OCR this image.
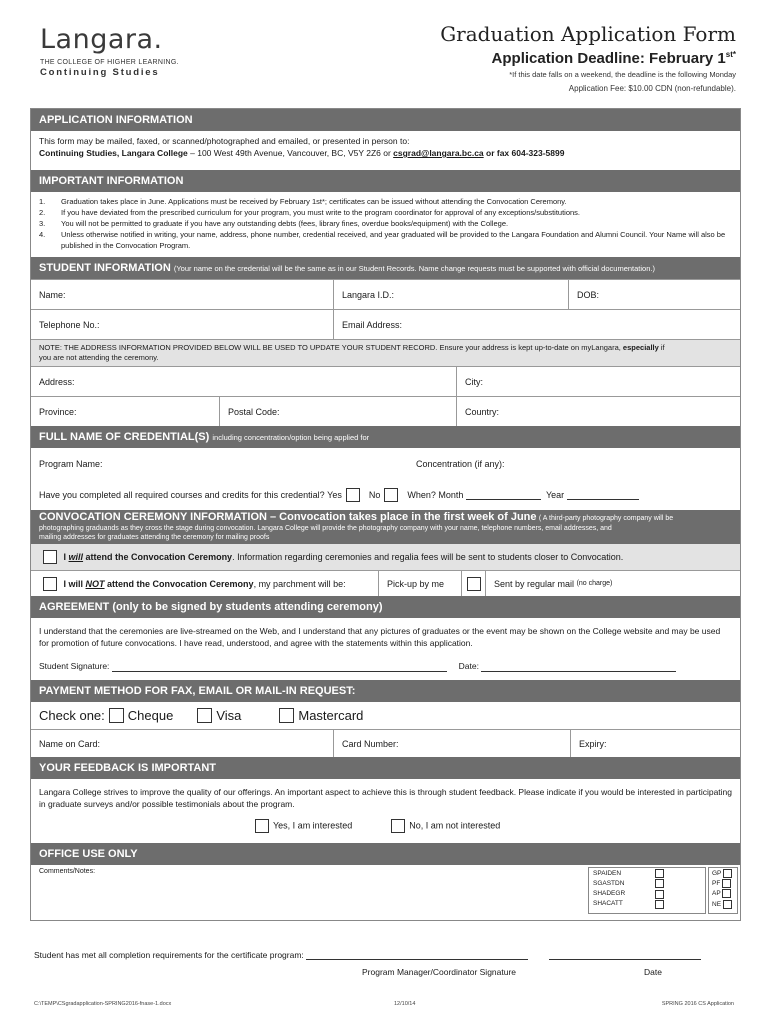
Langara.
THE COLLEGE OF HIGHER LEARNING.
Continuing Studies
Graduation Application Form
Application Deadline: February $1^{st*}$
*If this date falls on a weekend, the deadline is the following Monday
Application Fee: $10.00 CDN (non-refundable).
APPLICATION INFORMATION
This form may be mailed, faxed, or scanned/photographed and emailed, or presented in person to:
Continuing Studies, Langara College – 100 West 49th Avenue, Vancouver, BC, V5Y 2Z6 or csgrad@langara.bc.ca or fax 604-323-5899
IMPORTANT INFORMATION
1.	Graduation takes place in June. Applications must be received by February 1st*; certificates can be issued without attending the Convocation Ceremony.
2.	If you have deviated from the prescribed curriculum for your program, you must write to the program coordinator for approval of any exceptions/substitutions.
3.	You will not be permitted to graduate if you have any outstanding debts (fees, library fines, overdue books/equipment) with the College.
4.	Unless otherwise notified in writing, your name, address, phone number, credential received, and year graduated will be provided to the Langara Foundation and Alumni Council. Your Name will also be published in the Convocation Program.
STUDENT INFORMATION (Your name on the credential will be the same as in our Student Records. Name change requests must be supported with official documentation.)
Name:	Langara I.D.:	DOB:
Telephone No.:	Email Address:
NOTE: THE ADDRESS INFORMATION PROVIDED BELOW WILL BE USED TO UPDATE YOUR STUDENT RECORD. Ensure your address is kept up-to-date on myLangara, especially if
you are not attending the ceremony.
Address:	City:
Province:	Postal Code:	Country:
FULL NAME OF CREDENTIAL(S) including concentration/option being applied for
Program Name:	Concentration (if any):
Have you completed all required courses and credits for this credential?
Yes
	No
	When? Month

	Year

CONVOCATION CEREMONY INFORMATION – Convocation takes place in the first week of June ( A third-party photography company will be
photographing graduands as they cross the stage during convocation. Langara College will provide the photography company with your name, telephone numbers, email addresses, and
mailing addresses for graduates attending the ceremony for mailing proofs

I will attend the Convocation Ceremony . Information regarding ceremonies and regalia fees will be sent to students closer to Convocation.

I will NOT attend the Convocation Ceremony , my parchment will be:	Pick-up by me	Sent by regular mail
(no charge)
AGREEMENT (only to be signed by students attending ceremony)
I understand that the ceremonies are live-streamed on the Web, and I understand that any pictures of graduates or the event may be shown on the College website and may be used for promotion of future convocations. I have read, understood, and agree with the statements within this application.
Student Signature:	Date:
PAYMENT METHOD FOR FAX, EMAIL OR MAIL-IN REQUEST:
Check one: Cheque	Visa	Mastercard
Name on Card:	Card Number:	Expiry:
YOUR FEEDBACK IS IMPORTANT
Langara College strives to improve the quality of our offerings. An important aspect to achieve this is through student feedback. Please indicate if you would be interested in participating in graduate surveys and/or possible testimonials about the program.
Yes, I am interested	No, I am not interested
OFFICE USE ONLY
Comments/Notes:	SPAIDEN
SGASTDN
SHADEGR
SHACATT
GP
PF
AP
NE
Student has met all completion requirements for the certificate program:
Program Manager/Coordinator Signature	Date
C:\TEMP\CSgradapplication-SPRING2016-fnase-1.docx	12/10/14	SPRING 2016 CS Application
